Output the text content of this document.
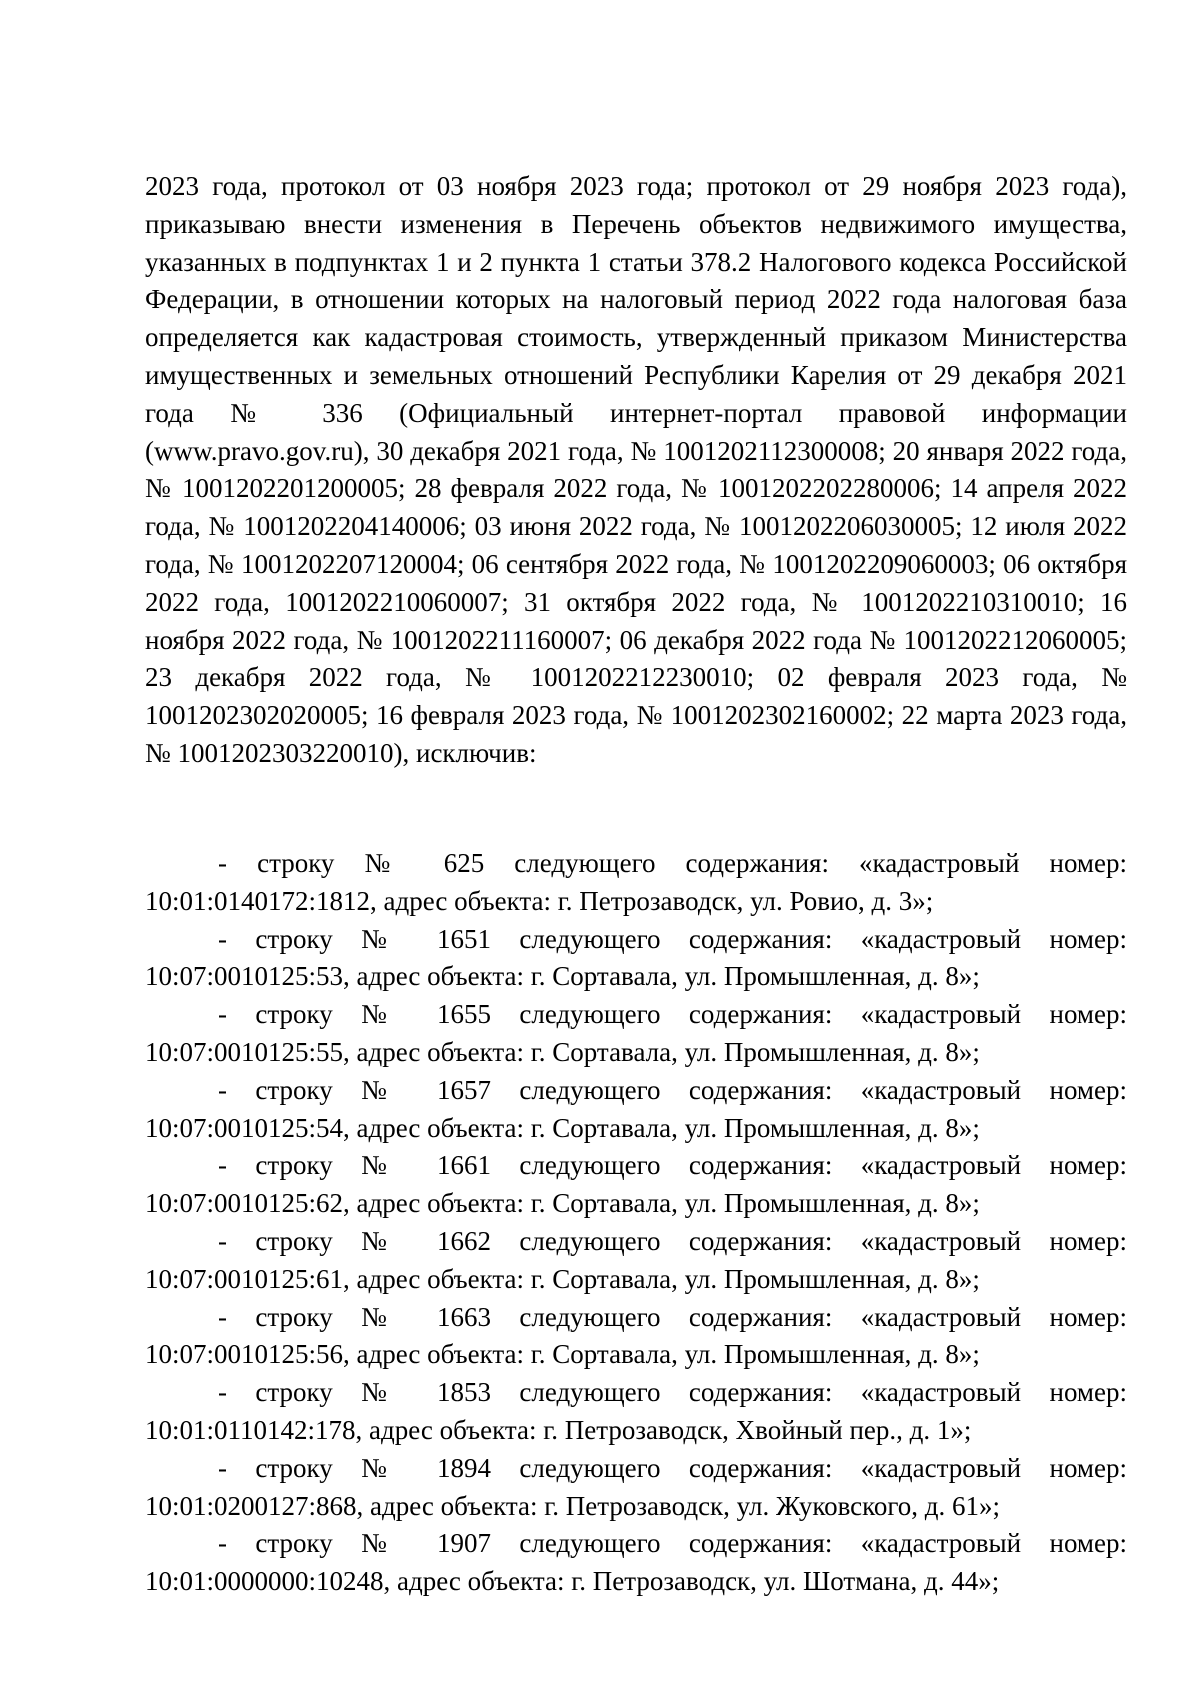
2023 года, протокол от 03 ноября 2023 года; протокол от 29 ноября 2023 года), приказываю внести изменения в Перечень объектов недвижимого имущества, указанных в подпунктах 1 и 2 пункта 1 статьи 378.2 Налогового кодекса Российской Федерации, в отношении которых на налоговый период 2022 года налоговая база определяется как кадастровая стоимость, утвержденный приказом Министерства имущественных и земельных отношений Республики Карелия от 29 декабря 2021 года № 336 (Официальный интернет-портал правовой информации (www.pravo.gov.ru), 30 декабря 2021 года, № 1001202112300008; 20 января 2022 года, № 1001202201200005; 28 февраля 2022 года, № 1001202202280006; 14 апреля 2022 года, № 1001202204140006; 03 июня 2022 года, № 1001202206030005; 12 июля 2022 года, № 1001202207120004; 06 сентября 2022 года, № 1001202209060003; 06 октября 2022 года, 1001202210060007; 31 октября 2022 года, № 1001202210310010; 16 ноября 2022 года, № 1001202211160007; 06 декабря 2022 года № 1001202212060005; 23 декабря 2022 года, № 1001202212230010; 02 февраля 2023 года, № 1001202302020005; 16 февраля 2023 года, № 1001202302160002; 22 марта 2023 года, № 1001202303220010), исключив:

- строку № 625 следующего содержания: «кадастровый номер: 10:01:0140172:1812, адрес объекта: г. Петрозаводск, ул. Ровио, д. 3»;

- строку № 1651 следующего содержания: «кадастровый номер: 10:07:0010125:53, адрес объекта: г. Сортавала, ул. Промышленная, д. 8»;

- строку № 1655 следующего содержания: «кадастровый номер: 10:07:0010125:55, адрес объекта: г. Сортавала, ул. Промышленная, д. 8»;

- строку № 1657 следующего содержания: «кадастровый номер: 10:07:0010125:54, адрес объекта: г. Сортавала, ул. Промышленная, д. 8»;

- строку № 1661 следующего содержания: «кадастровый номер: 10:07:0010125:62, адрес объекта: г. Сортавала, ул. Промышленная, д. 8»;

- строку № 1662 следующего содержания: «кадастровый номер: 10:07:0010125:61, адрес объекта: г. Сортавала, ул. Промышленная, д. 8»;

- строку № 1663 следующего содержания: «кадастровый номер: 10:07:0010125:56, адрес объекта: г. Сортавала, ул. Промышленная, д. 8»;

- строку № 1853 следующего содержания: «кадастровый номер: 10:01:0110142:178, адрес объекта: г. Петрозаводск, Хвойный пер., д. 1»;

- строку № 1894 следующего содержания: «кадастровый номер: 10:01:0200127:868, адрес объекта: г. Петрозаводск, ул. Жуковского, д. 61»;

- строку № 1907 следующего содержания: «кадастровый номер: 10:01:0000000:10248, адрес объекта: г. Петрозаводск, ул. Шотмана, д. 44»;
